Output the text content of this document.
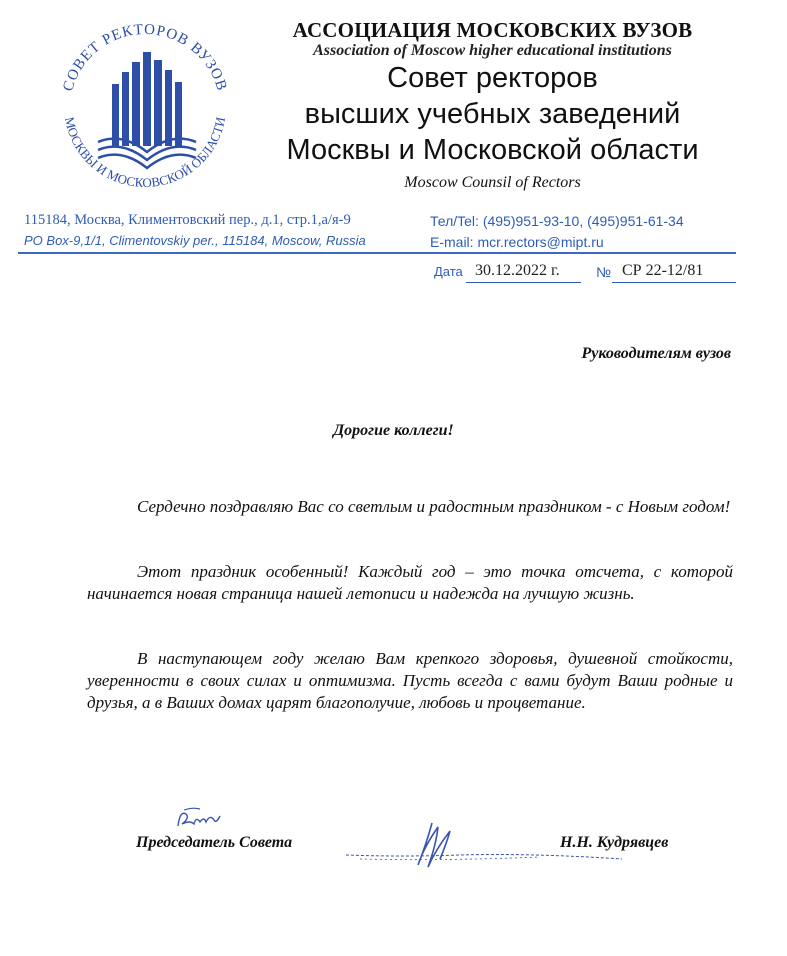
СОВЕТ РЕКТОРОВ ВУЗОВ
МОСКВЫ И МОСКОВСКОЙ ОБЛАСТИ
АССОЦИАЦИЯ МОСКОВСКИХ ВУЗОВ
Association of Moscow higher educational institutions
Совет ректоров
высших учебных заведений
Москвы и Московской области
Moscow Counsil of Rectors
115184, Москва, Климентовский пер., д.1, стр.1,а/я-9
PO Box-9,1/1, Climentovskiy per., 115184, Moscow, Russia
Тел/Tel: (495)951-93-10, (495)951-61-34
E-mail: mcr.rectors@mipt.ru
Дата 30.12.2022 г.	№ СР 22-12/81
Руководителям вузов
Дорогие коллеги!

Сердечно поздравляю Вас со светлым и радостным праздником - с Новым годом!

Этот праздник особенный! Каждый год – это точка отсчета, с которой начинается новая страница нашей летописи и надежда на лучшую жизнь.

В наступающем году желаю Вам крепкого здоровья, душевной стойкости, уверенности в своих силах и оптимизма. Пусть всегда с вами будут Ваши родные и друзья, а в Ваших домах царят благополучие, любовь и процветание.

Председатель Совета	Н.Н. Кудрявцев
